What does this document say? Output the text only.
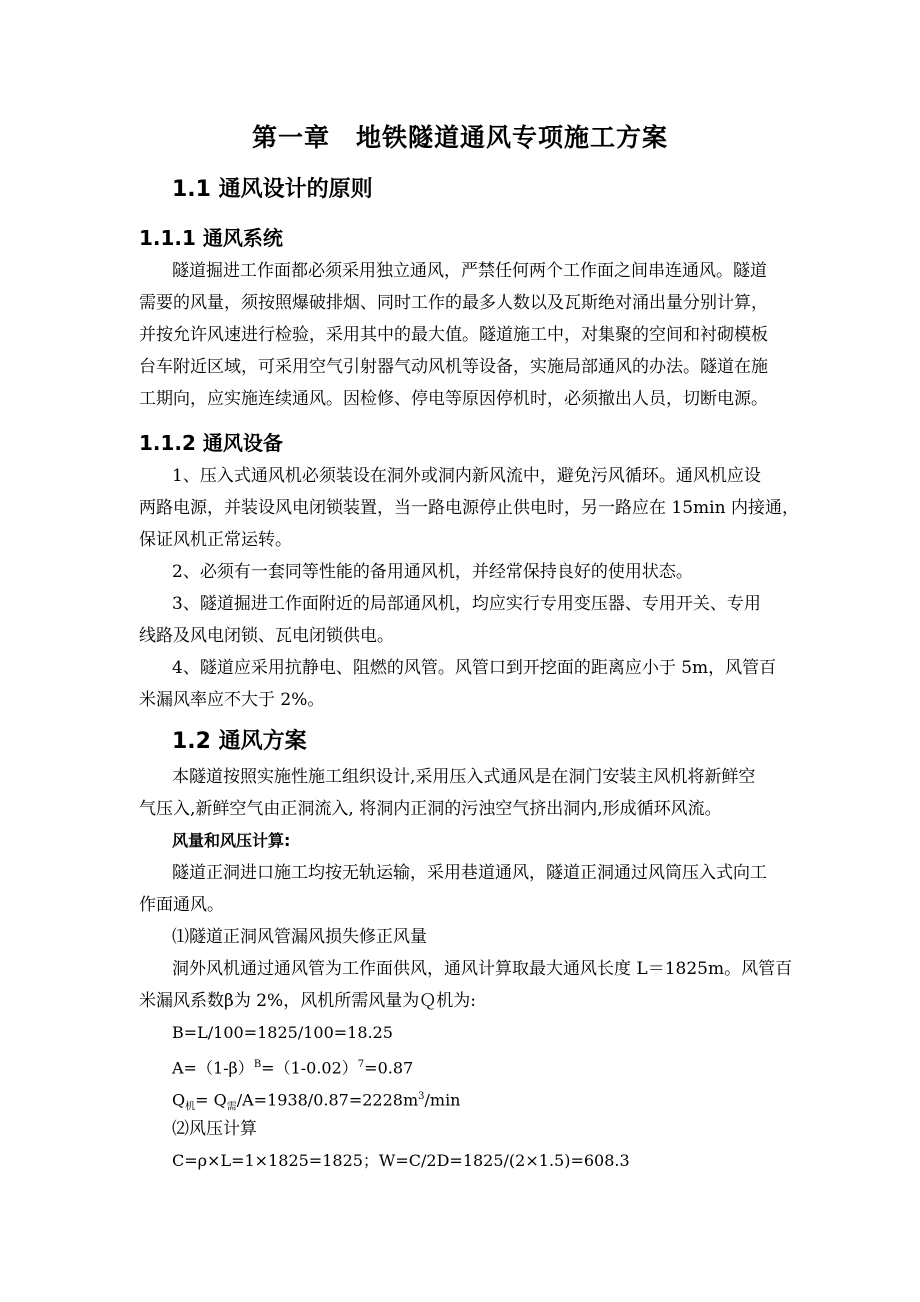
第一章　地铁隧道通风专项施工方案
1.1 通风设计的原则
1.1.1 通风系统
隧道掘进工作面都必须采用独立通风，严禁任何两个工作面之间串连通风。隧道
需要的风量，须按照爆破排烟、同时工作的最多人数以及瓦斯绝对涌出量分别计算，
并按允许风速进行检验，采用其中的最大值。隧道施工中，对集聚的空间和衬砌模板
台车附近区域，可采用空气引射器气动风机等设备，实施局部通风的办法。隧道在施
工期向，应实施连续通风。因检修、停电等原因停机时，必须撤出人员，切断电源。
1.1.2 通风设备
1、压入式通风机必须装设在洞外或洞内新风流中，避免污风循环。通风机应设
两路电源，并装设风电闭锁装置，当一路电源停止供电时，另一路应在 15min 内接通，
保证风机正常运转。
2、必须有一套同等性能的备用通风机，并经常保持良好的使用状态。
3、隧道掘进工作面附近的局部通风机，均应实行专用变压器、专用开关、专用
线路及风电闭锁、瓦电闭锁供电。
4、隧道应采用抗静电、阻燃的风管。风管口到开挖面的距离应小于 5m，风管百
米漏风率应不大于 2%。
1.2 通风方案
本隧道按照实施性施工组织设计,采用压入式通风是在洞门安装主风机将新鲜空
气压入,新鲜空气由正洞流入, 将洞内正洞的污浊空气挤出洞内,形成循环风流。
风量和风压计算:
隧道正洞进口施工均按无轨运输，采用巷道通风，隧道正洞通过风筒压入式向工
作面通风。
⑴隧道正洞风管漏风损失修正风量
洞外风机通过通风管为工作面供风，通风计算取最大通风长度 L＝1825m。风管百
米漏风系数β为 2%，风机所需风量为Ｑ机为:
B=L/100=1825/100=18.25
$A=(1-\beta)^B=(1-0.02)^7=0.87$
$Q_机= Q_需/A=1938/0.87=2228m^3/\min$
⑵风压计算
C=ρ×L=1×1825=1825；W=C/2D=1825/(2×1.5)=608.3
